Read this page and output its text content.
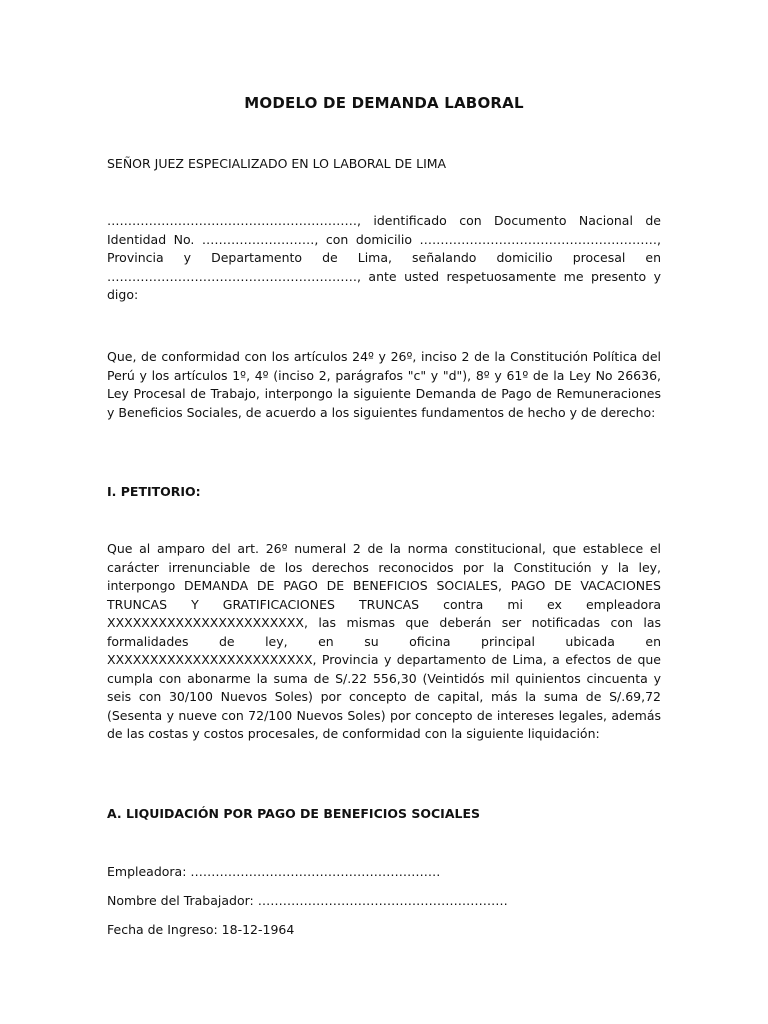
MODELO DE DEMANDA LABORAL
SEÑOR JUEZ ESPECIALIZADO EN LO LABORAL DE LIMA
……………………………………………………, identificado con Documento Nacional de Identidad No. ………………………, con domicilio …………………………………………………, Provincia y Departamento de Lima, señalando domicilio procesal en ……………………………………………………, ante usted respetuosamente me presento y digo:
Que, de conformidad con los artículos 24º y 26º, inciso 2 de la Constitución Política del Perú y los artículos 1º, 4º (inciso 2, parágrafos "c" y "d"), 8º y 61º de la Ley No 26636, Ley Procesal de Trabajo, interpongo la siguiente Demanda de Pago de Remuneraciones y Beneficios Sociales, de acuerdo a los siguientes fundamentos de hecho y de derecho:
I. PETITORIO:
Que al amparo del art. 26º numeral 2 de la norma constitucional, que establece el carácter irrenunciable de los derechos reconocidos por la Constitución y la ley, interpongo DEMANDA DE PAGO DE BENEFICIOS SOCIALES, PAGO DE VACACIONES TRUNCAS Y GRATIFICACIONES TRUNCAS contra mi ex empleadora XXXXXXXXXXXXXXXXXXXXXXX, las mismas que deberán ser notificadas con las formalidades de ley, en su oficina principal ubicada en XXXXXXXXXXXXXXXXXXXXXXXX, Provincia y departamento de Lima, a efectos de que cumpla con abonarme la suma de S/.22 556,30 (Veintidós mil quinientos cincuenta y seis con 30/100 Nuevos Soles) por concepto de capital, más la suma de S/.69,72 (Sesenta y nueve con 72/100 Nuevos Soles) por concepto de intereses legales, además de las costas y costos procesales, de conformidad con la siguiente liquidación:
A. LIQUIDACIÓN POR PAGO DE BENEFICIOS SOCIALES
Empleadora: ……………………………………………………
Nombre del Trabajador: ……………………………………………………
Fecha de Ingreso: 18-12-1964
